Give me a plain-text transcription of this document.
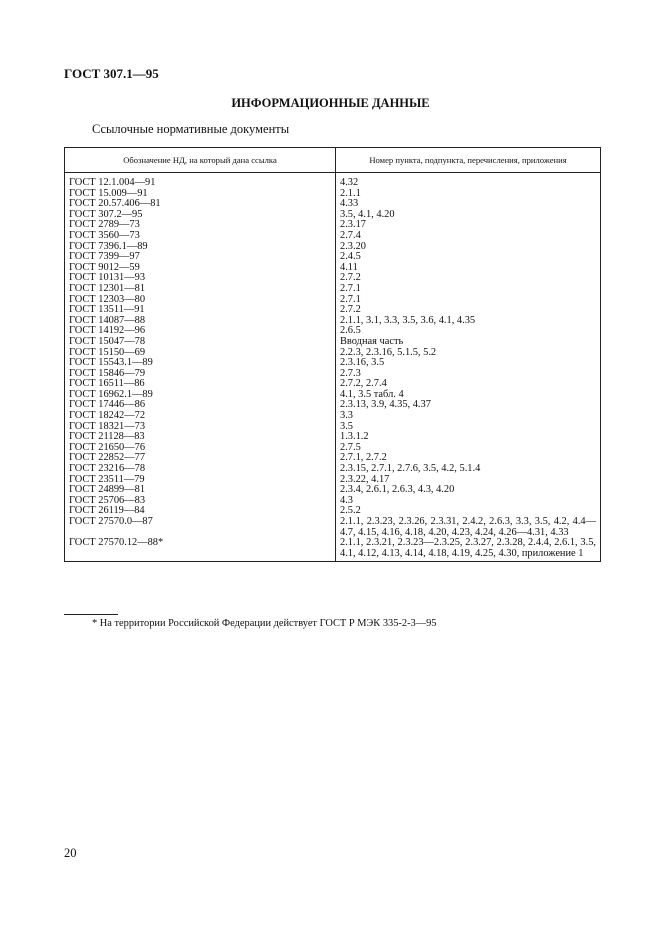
ГОСТ 307.1—95
ИНФОРМАЦИОННЫЕ ДАННЫЕ
Ссылочные нормативные документы
Обозначение НД, на который дана ссылка	Номер пункта, подпункта, перечисления, приложения
ГОСТ 12.1.004—91	4.32
ГОСТ 15.009—91	2.1.1
ГОСТ 20.57.406—81	4.33
ГОСТ 307.2—95	3.5, 4.1, 4.20
ГОСТ 2789—73	2.3.17
ГОСТ 3560—73	2.7.4
ГОСТ 7396.1—89	2.3.20
ГОСТ 7399—97	2.4.5
ГОСТ 9012—59	4.11
ГОСТ 10131—93	2.7.2
ГОСТ 12301—81	2.7.1
ГОСТ 12303—80	2.7.1
ГОСТ 13511—91	2.7.2
ГОСТ 14087—88	2.1.1, 3.1, 3.3, 3.5, 3.6, 4.1, 4.35
ГОСТ 14192—96	2.6.5
ГОСТ 15047—78	Вводная часть
ГОСТ 15150—69	2.2.3, 2.3.16, 5.1.5, 5.2
ГОСТ 15543.1—89	2.3.16, 3.5
ГОСТ 15846—79	2.7.3
ГОСТ 16511—86	2.7.2, 2.7.4
ГОСТ 16962.1—89	4.1, 3.5 табл. 4
ГОСТ 17446—86	2.3.13, 3.9, 4.35, 4.37
ГОСТ 18242—72	3.3
ГОСТ 18321—73	3.5
ГОСТ 21128—83	1.3.1.2
ГОСТ 21650—76	2.7.5
ГОСТ 22852—77	2.7.1, 2.7.2
ГОСТ 23216—78	2.3.15, 2.7.1, 2.7.6, 3.5, 4.2, 5.1.4
ГОСТ 23511—79	2.3.22, 4.17
ГОСТ 24899—81	2.3.4, 2.6.1, 2.6.3, 4.3, 4.20
ГОСТ 25706—83	4.3
ГОСТ 26119—84	2.5.2
ГОСТ 27570.0—87	2.1.1, 2.3.23, 2.3.26, 2.3.31, 2.4.2, 2.6.3, 3.3, 3.5, 4.2, 4.4—4.7, 4.15, 4.16, 4.18, 4.20, 4.23, 4.24, 4.26—4.31, 4.33
ГОСТ 27570.12—88*	2.1.1, 2.3.21, 2.3.23—2.3.25, 2.3.27, 2.3.28, 2.4.4, 2.6.1, 3.5, 4.1, 4.12, 4.13, 4.14, 4.18, 4.19, 4.25, 4.30, приложение 1
* На территории Российской Федерации действует ГОСТ Р МЭК 335-2-3—95
20
